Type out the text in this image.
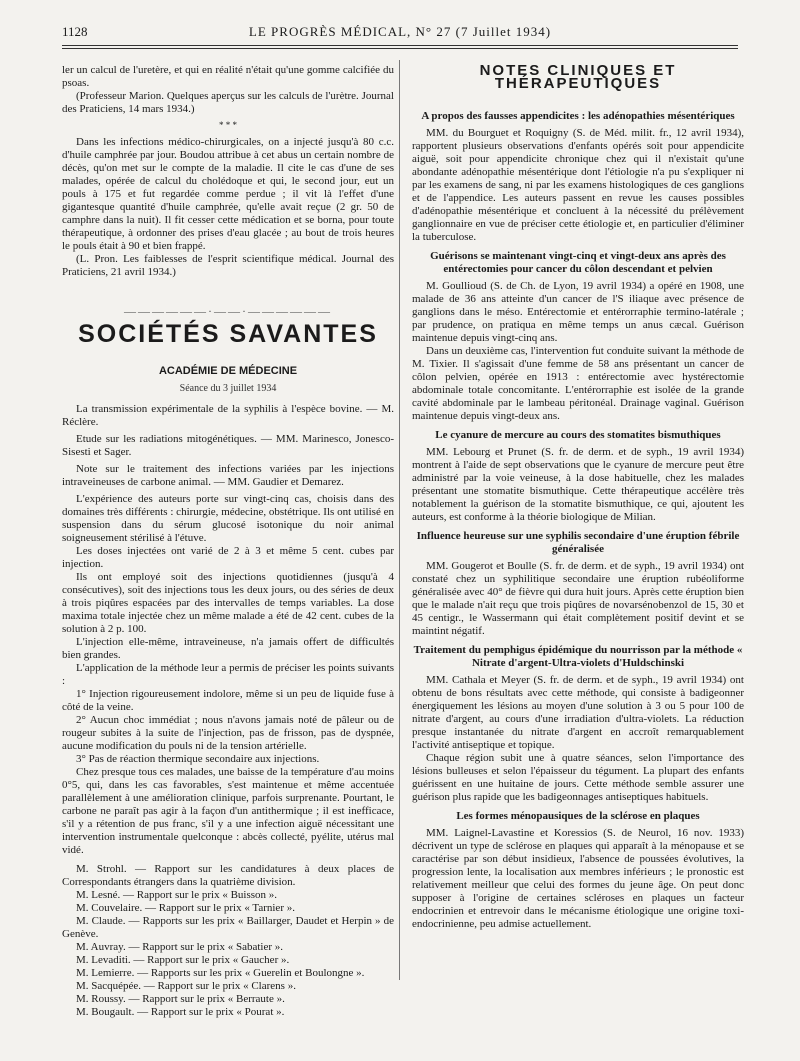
1128	LE PROGRÈS MÉDICAL, N° 27 (7 Juillet 1934)

ler un calcul de l'uretère, et qui en réalité n'était qu'une gomme calcifiée du psoas.

(Professeur Marion. Quelques aperçus sur les calculs de l'urètre. Journal des Praticiens, 14 mars 1934.)

* * *

Dans les infections médico-chirurgicales, on a injecté jusqu'à 80 c.c. d'huile camphrée par jour. Boudou attribue à cet abus un certain nombre de décès, qu'on met sur le compte de la maladie. Il cite le cas d'une de ses malades, opérée de calcul du cholédoque et qui, le second jour, eut un pouls à 175 et fut regardée comme perdue ; il vit là l'effet d'une gigantesque quantité d'huile camphrée, qu'elle avait reçue (2 gr. 50 de camphre dans la nuit). Il fit cesser cette médication et se borna, pour toute thérapeutique, à ordonner des prises d'eau glacée ; au bout de trois heures le pouls était à 90 et bien frappé.

(L. Pron. Les faiblesses de l'esprit scientifique médical. Journal des Praticiens, 21 avril 1934.)

——————·——·——————
SOCIÉTÉS SAVANTES
ACADÉMIE DE MÉDECINE
Séance du 3 juillet 1934

La transmission expérimentale de la syphilis à l'espèce bovine. — M. Réclère.

Etude sur les radiations mitogénétiques. — MM. Marinesco, Jonesco-Sisesti et Sager.

Note sur le traitement des infections variées par les injections intraveineuses de carbone animal. — MM. Gaudier et Demarez.

L'expérience des auteurs porte sur vingt-cinq cas, choisis dans des domaines très différents : chirurgie, médecine, obstétrique. Ils ont utilisé en suspension dans du sérum glucosé isotonique du noir animal soigneusement stérilisé à l'étuve.

Les doses injectées ont varié de 2 à 3 et même 5 cent. cubes par injection.

Ils ont employé soit des injections quotidiennes (jusqu'à 4 consécutives), soit des injections tous les deux jours, ou des séries de deux à trois piqûres espacées par des intervalles de temps variables. La dose maxima totale injectée chez un même malade a été de 42 cent. cubes de la solution à 2 p. 100.

L'injection elle-même, intraveineuse, n'a jamais offert de difficultés bien grandes.

L'application de la méthode leur a permis de préciser les points suivants :

1° Injection rigoureusement indolore, même si un peu de liquide fuse à côté de la veine.

2° Aucun choc immédiat ; nous n'avons jamais noté de pâleur ou de rougeur subites à la suite de l'injection, pas de frisson, pas de dyspnée, aucune modification du pouls ni de la tension artérielle.

3° Pas de réaction thermique secondaire aux injections.

Chez presque tous ces malades, une baisse de la température d'au moins 0°5, qui, dans les cas favorables, s'est maintenue et même accentuée parallèlement à une amélioration clinique, parfois surprenante. Pourtant, le carbone ne paraît pas agir à la façon d'un antithermique ; il est inefficace, s'il y a rétention de pus franc, s'il y a une infection aiguë nécessitant une intervention instrumentale quelconque : abcès collecté, pyélite, utérus mal vidé.

M. Strohl. — Rapport sur les candidatures à deux places de Correspondants étrangers dans la quatrième division.

M. Lesné. — Rapport sur le prix « Buisson ».

M. Couvelaire. — Rapport sur le prix « Tarnier ».

M. Claude. — Rapports sur les prix « Baillarger, Daudet et Herpin » de Genève.

M. Auvray. — Rapport sur le prix « Sabatier ».

M. Levaditi. — Rapport sur le prix « Gaucher ».

M. Lemierre. — Rapports sur les prix « Guerelin et Boulongne ».

M. Sacquépée. — Rapport sur le prix « Clarens ».

M. Roussy. — Rapport sur le prix « Berraute ».

M. Bougault. — Rapport sur le prix « Pourat ».

NOTES CLINIQUES ET THÉRAPEUTIQUES
A propos des fausses appendicites : les adénopathies mésentériques

MM. du Bourguet et Roquigny (S. de Méd. milit. fr., 12 avril 1934), rapportent plusieurs observations d'enfants opérés soit pour appendicite aiguë, soit pour appendicite chronique chez qui il n'existait qu'une abondante adénopathie mésentérique dont l'étiologie n'a pu s'expliquer ni par les examens de sang, ni par les examens histologiques de ces ganglions et de l'appendice. Les auteurs passent en revue les causes possibles d'adénopathie mésentérique et concluent à la nécessité du prélèvement ganglionnaire en vue de préciser cette étiologie et, en particulier d'éliminer la tuberculose.

Guérisons se maintenant vingt-cinq et vingt-deux ans après des entérectomies pour cancer du côlon descendant et pelvien

M. Goullioud (S. de Ch. de Lyon, 19 avril 1934) a opéré en 1908, une malade de 36 ans atteinte d'un cancer de l'S iliaque avec présence de ganglions dans le méso. Entérectomie et entérorraphie termino-latérale ; par prudence, on pratiqua en même temps un anus cæcal. Guérison maintenue depuis vingt-cinq ans.

Dans un deuxième cas, l'intervention fut conduite suivant la méthode de M. Tixier. Il s'agissait d'une femme de 58 ans présentant un cancer de côlon pelvien, opérée en 1913 : entérectomie avec hystérectomie abdominale totale concomitante. L'entérorraphie est isolée de la grande cavité abdominale par le lambeau péritonéal. Drainage vaginal. Guérison maintenue depuis vingt-deux ans.

Le cyanure de mercure au cours des stomatites bismuthiques

MM. Lebourg et Prunet (S. fr. de derm. et de syph., 19 avril 1934) montrent à l'aide de sept observations que le cyanure de mercure peut être administré par la voie veineuse, à la dose habituelle, chez les malades présentant une stomatite bismuthique. Cette thérapeutique accélère très notablement la guérison de la stomatite bismuthique, ce qui, ajoutent les auteurs, est conforme à la théorie biologique de Milian.

Influence heureuse sur une syphilis secondaire d'une éruption fébrile généralisée

MM. Gougerot et Boulle (S. fr. de derm. et de syph., 19 avril 1934) ont constaté chez un syphilitique secondaire une éruption rubéoliforme généralisée avec 40° de fièvre qui dura huit jours. Après cette éruption bien que le malade n'ait reçu que trois piqûres de novarsénobenzol de 15, 30 et 45 centigr., le Wassermann qui était complètement positif devint et se maintint négatif.

Traitement du pemphigus épidémique du nourrisson par la méthode « Nitrate d'argent-Ultra-violets d'Huldschinski

MM. Cathala et Meyer (S. fr. de derm. et de syph., 19 avril 1934) ont obtenu de bons résultats avec cette méthode, qui consiste à badigeonner énergiquement les lésions au moyen d'une solution à 3 ou 5 pour 100 de nitrate d'argent, au cours d'une irradiation d'ultra-violets. La réduction presque instantanée du nitrate d'argent en accroît remarquablement l'activité antiseptique et topique.

Chaque région subit une à quatre séances, selon l'importance des lésions bulleuses et selon l'épaisseur du tégument. La plupart des enfants guérissent en une huitaine de jours. Cette méthode semble assurer une guérison plus rapide que les badigeonnages antiseptiques habituels.

Les formes ménopausiques de la sclérose en plaques

MM. Laignel-Lavastine et Koressios (S. de Neurol, 16 nov. 1933) décrivent un type de sclérose en plaques qui apparaît à la ménopause et se caractérise par son début insidieux, l'absence de poussées évolutives, la progression lente, la localisation aux membres inférieurs ; le pronostic est relativement meilleur que celui des formes du jeune âge. On peut donc supposer à l'origine de certaines scléroses en plaques un facteur endocrinien et entrevoir dans le mécanisme étiologique une origine toxi-endocrinienne, peu admise actuellement.
